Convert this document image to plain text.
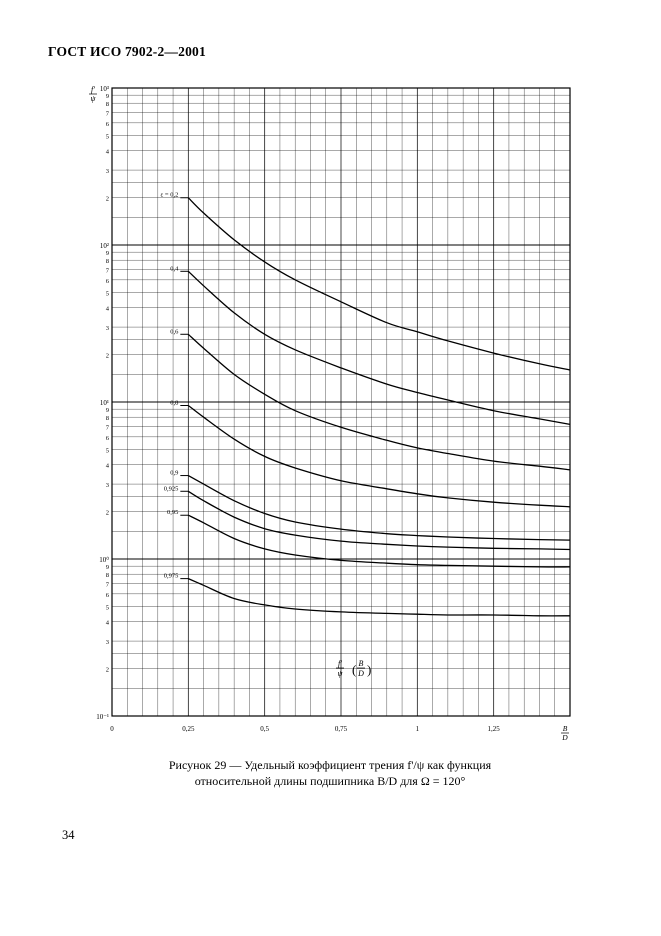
ГОСТ ИСО 7902-2—2001
10³
9
8
7
6
5
4
3
2
10²
9
8
7
6
5
4
3
2
10¹
9
8
7
6
5
4
3
2
10⁰
9
8
7
6
5
4
3
2
10⁻¹
0	0,25	0,5	0,75	1	1,25
ε = 0,2
0,4
0,6
0,8
0,9
0,925
0,95
0,975
f'
ψ
B
D
f'
ψ ( B
D )
Рисунок 29 — Удельный коэффициент трения f'/ψ как функция
относительной длины подшипника B/D для Ω = 120°
34
